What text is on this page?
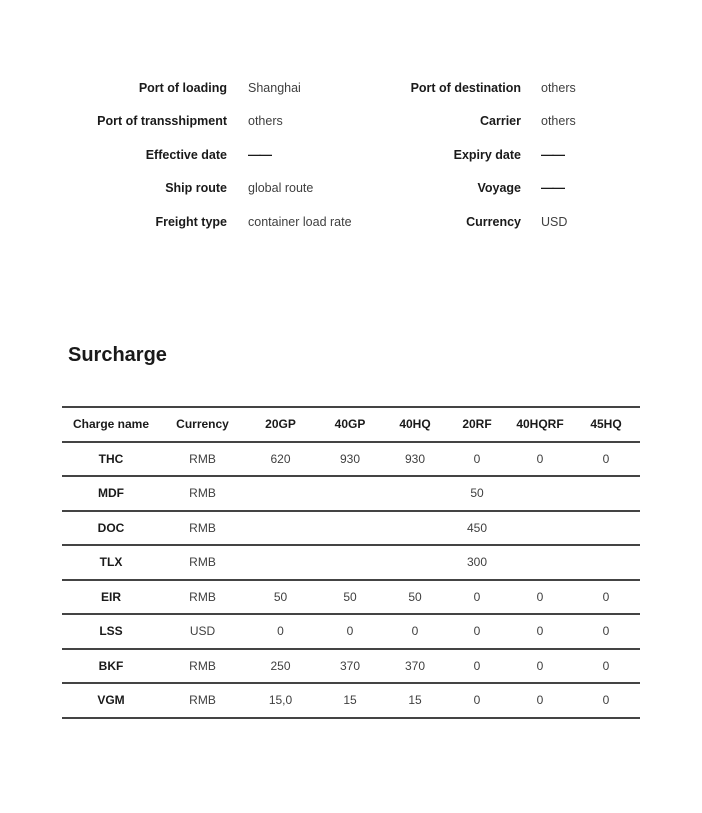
Port of loading Shanghai	Port of destination others
Port of transshipment others	Carrier others
Effective date ——	Expiry date ——
Ship route global route	Voyage ——
Freight type container load rate	Currency USD
Surcharge
Charge name	Currency	20GP	40GP	40HQ	20RF	40HQRF	45HQ
THC	RMB	620	930	930	0	0	0
MDF	RMB				50		
DOC	RMB				450		
TLX	RMB				300		
EIR	RMB	50	50	50	0	0	0
LSS	USD	0	0	0	0	0	0
BKF	RMB	250	370	370	0	0	0
VGM	RMB	15,0	15	15	0	0	0
